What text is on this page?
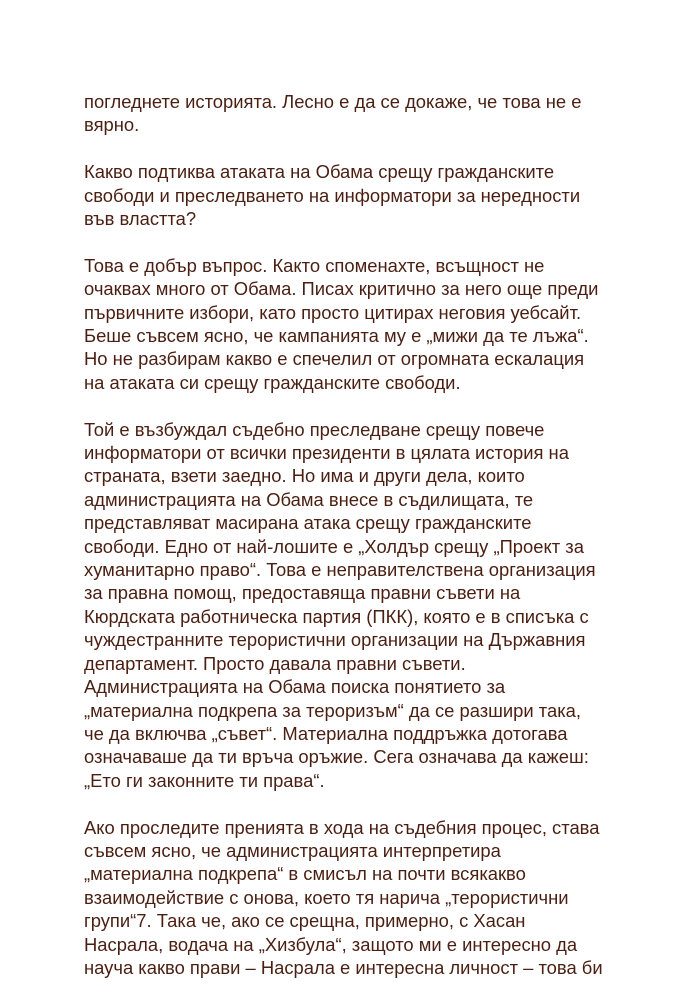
погледнете историята. Лесно е да се докаже, че това не е
вярно.
Какво подтиква атаката на Обама срещу гражданските
свободи и преследването на информатори за нередности
във властта?
Това е добър въпрос. Както споменахте, всъщност не
очаквах много от Обама. Писах критично за него още преди
първичните избори, като просто цитирах неговия уебсайт.
Беше съвсем ясно, че кампанията му е „мижи да те лъжа“.
Но не разбирам какво е спечелил от огромната ескалация
на атаката си срещу гражданските свободи.
Той е възбуждал съдебно преследване срещу повече
информатори от всички президенти в цялата история на
страната, взети заедно. Но има и други дела, които
администрацията на Обама внесе в съдилищата, те
представляват масирана атака срещу гражданските
свободи. Едно от най-лошите е „Холдър срещу „Проект за
хуманитарно право“. Това е неправителствена организация
за правна помощ, предоставяща правни съвети на
Кюрдската работническа партия (ПКК), която е в списъка с
чуждестранните терористични организации на Държавния
департамент. Просто давала правни съвети.
Администрацията на Обама поиска понятието за
„материална подкрепа за тероризъм“ да се разшири така,
че да включва „съвет“. Материална поддръжка дотогава
означаваше да ти връча оръжие. Сега означава да кажеш:
„Ето ги законните ти права“.
Ако проследите пренията в хода на съдебния процес, става
съвсем ясно, че администрацията интерпретира
„материална подкрепа“ в смисъл на почти всякакво
взаимодействие с онова, което тя нарича „терористични
групи“7. Така че, ако се срещна, примерно, с Хасан
Насрала, водача на „Хизбула“, защото ми е интересно да
науча какво прави – Насрала е интересна личност – това би
